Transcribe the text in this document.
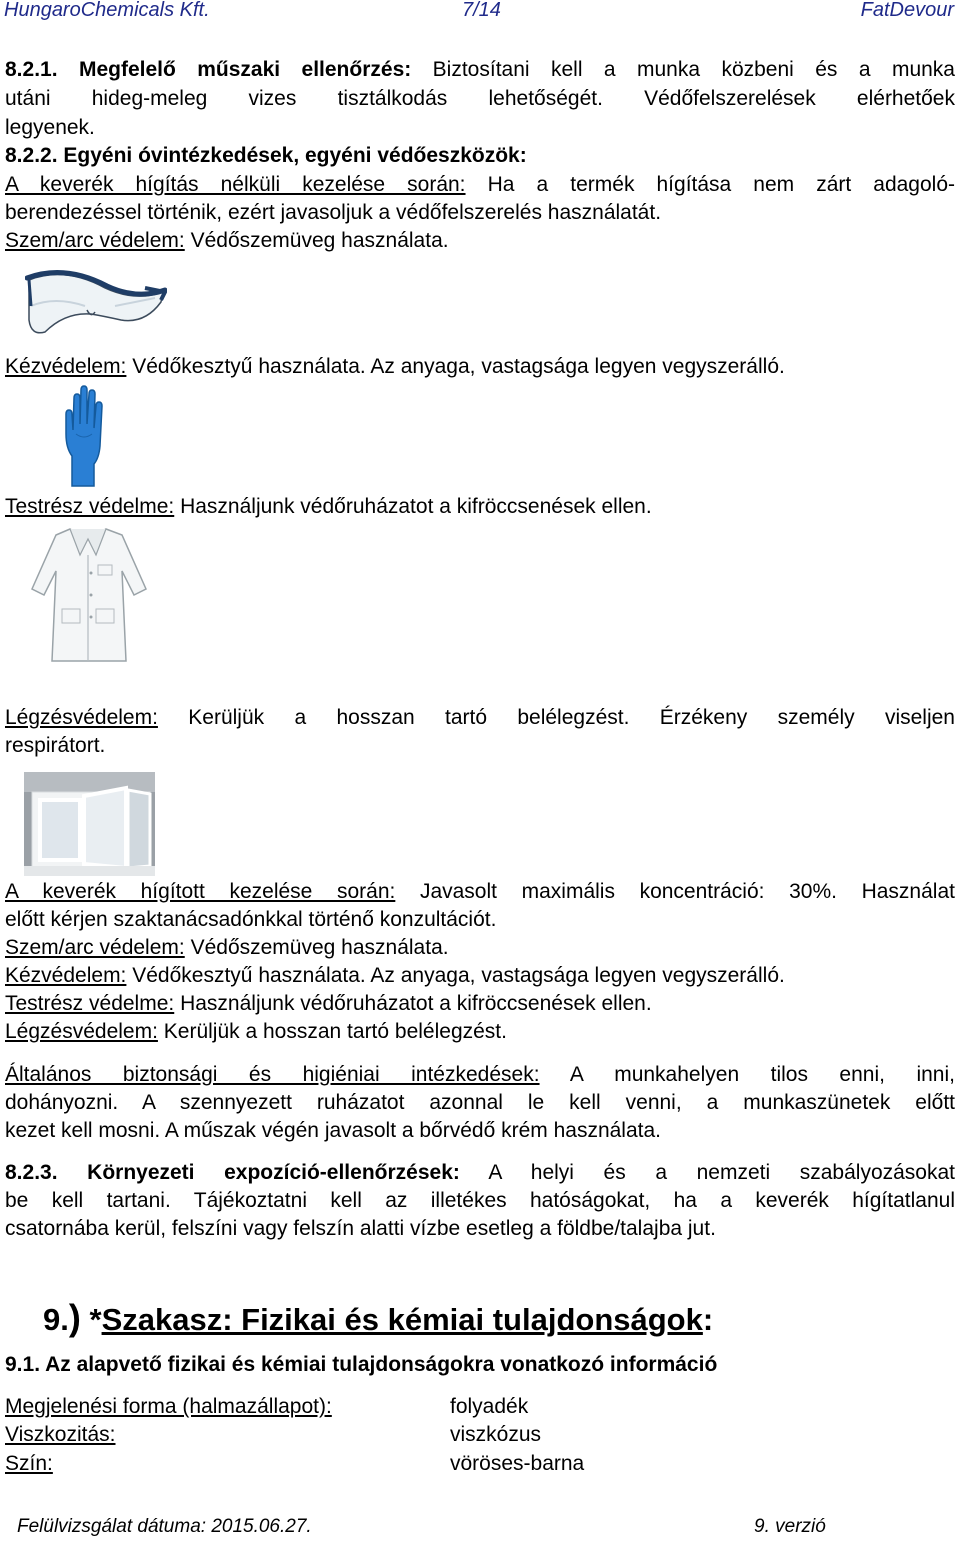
HungaroChemicals Kft.	7/14	FatDevour
8.2.1. Megfelelő műszaki ellenőrzés: Biztosítani kell a munka közbeni és a munka
utáni hideg-meleg vizes tisztálkodás lehetőségét. Védőfelszerelések elérhetőek
legyenek.
8.2.2. Egyéni óvintézkedések, egyéni védőeszközök:
A keverék hígítás nélküli kezelése során: Ha a termék hígítása nem zárt adagoló-
berendezéssel történik, ezért javasoljuk a védőfelszerelés használatát.
Szem/arc védelem: Védőszemüveg használata.
Kézvédelem: Védőkesztyű használata. Az anyaga, vastagsága legyen vegyszerálló.
Testrész védelme: Használjunk védőruházatot a kifröccsenések ellen.
Légzésvédelem: Kerüljük a hosszan tartó belélegzést. Érzékeny személy viseljen
respirátort.
A keverék hígított kezelése során: Javasolt maximális koncentráció: 30%. Használat
előtt kérjen szaktanácsadónkkal történő konzultációt.
Szem/arc védelem: Védőszemüveg használata.
Kézvédelem: Védőkesztyű használata. Az anyaga, vastagsága legyen vegyszerálló.
Testrész védelme: Használjunk védőruházatot a kifröccsenések ellen.
Légzésvédelem: Kerüljük a hosszan tartó belélegzést.
Általános biztonsági és higiéniai intézkedések: A munkahelyen tilos enni, inni,
dohányozni. A szennyezett ruházatot azonnal le kell venni, a munkaszünetek előtt
kezet kell mosni. A műszak végén javasolt a bőrvédő krém használata.
8.2.3. Környezeti expozíció-ellenőrzések: A helyi és a nemzeti szabályozásokat
be kell tartani. Tájékoztatni kell az illetékes hatóságokat, ha a keverék hígítatlanul
csatornába kerül, felszíni vagy felszín alatti vízbe esetleg a földbe/talajba jut.
9.) *Szakasz: Fizikai és kémiai tulajdonságok:
9.1. Az alapvető fizikai és kémiai tulajdonságokra vonatkozó információ
Megjelenési forma (halmazállapot):	folyadék
Viszkozitás:	viszkózus
Szín:	vöröses-barna
Felülvizsgálat dátuma: 2015.06.27.	9. verzió
